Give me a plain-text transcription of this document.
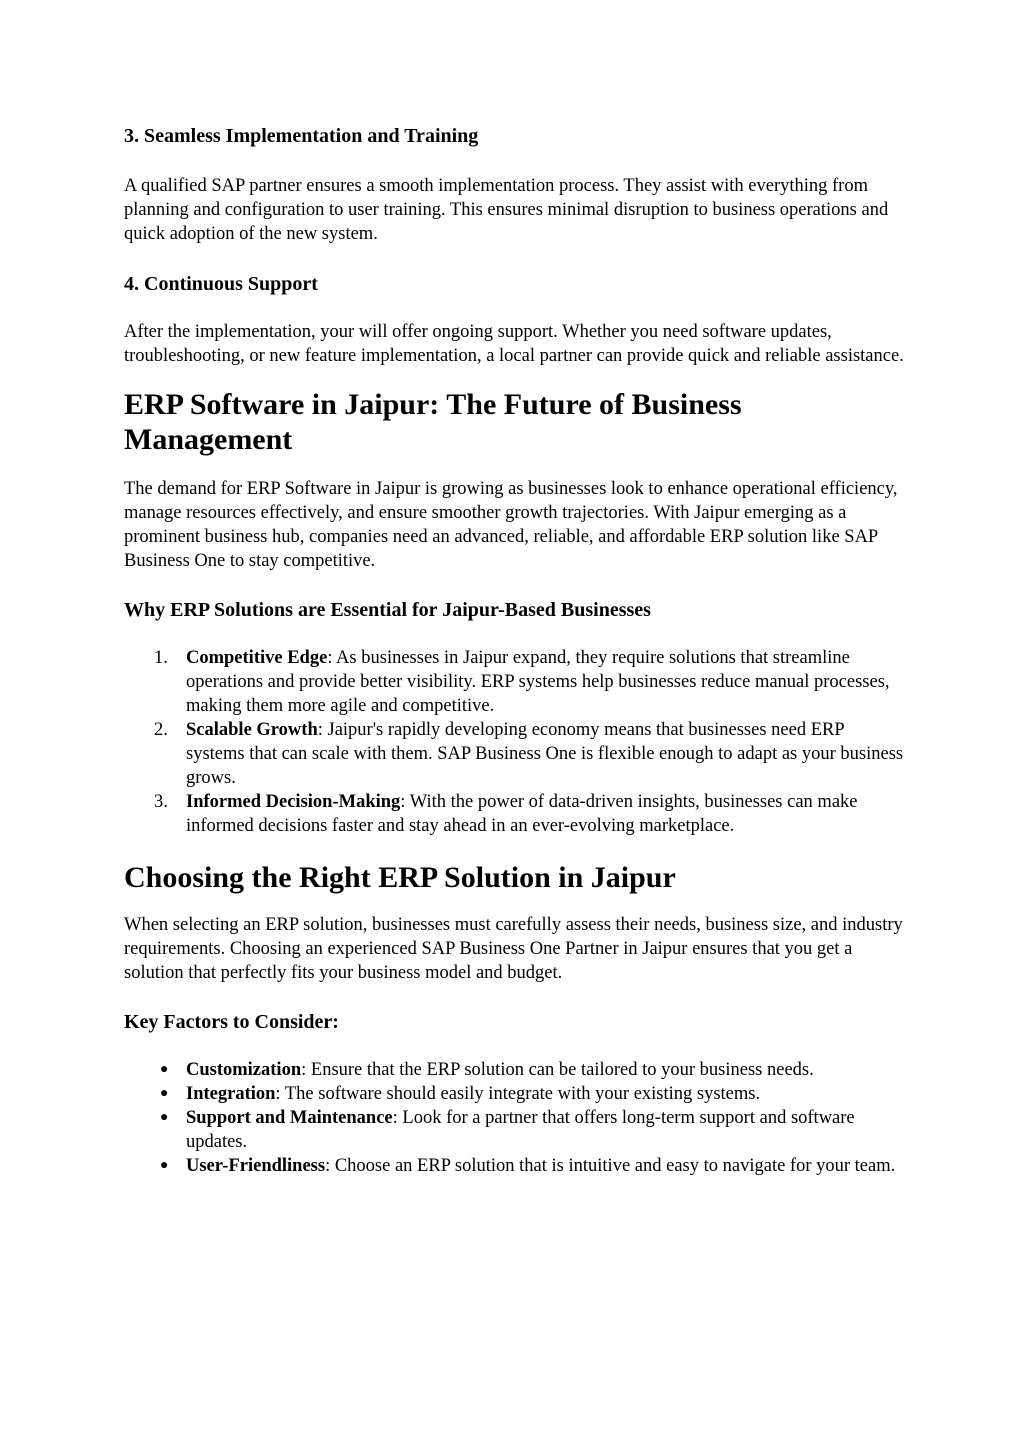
3. Seamless Implementation and Training

A qualified SAP partner ensures a smooth implementation process. They assist with everything from planning and configuration to user training. This ensures minimal disruption to business operations and quick adoption of the new system.

4. Continuous Support

After the implementation, your will offer ongoing support. Whether you need software updates, troubleshooting, or new feature implementation, a local partner can provide quick and reliable assistance.

ERP Software in Jaipur: The Future of Business Management

The demand for ERP Software in Jaipur is growing as businesses look to enhance operational efficiency, manage resources effectively, and ensure smoother growth trajectories. With Jaipur emerging as a prominent business hub, companies need an advanced, reliable, and affordable ERP solution like SAP Business One to stay competitive.

Why ERP Solutions are Essential for Jaipur-Based Businesses
1. Competitive Edge: As businesses in Jaipur expand, they require solutions that streamline operations and provide better visibility. ERP systems help businesses reduce manual processes, making them more agile and competitive.
2. Scalable Growth: Jaipur's rapidly developing economy means that businesses need ERP systems that can scale with them. SAP Business One is flexible enough to adapt as your business grows.
3. Informed Decision-Making: With the power of data-driven insights, businesses can make informed decisions faster and stay ahead in an ever-evolving marketplace.
Choosing the Right ERP Solution in Jaipur

When selecting an ERP solution, businesses must carefully assess their needs, business size, and industry requirements. Choosing an experienced SAP Business One Partner in Jaipur ensures that you get a solution that perfectly fits your business model and budget.

Key Factors to Consider:
● Customization: Ensure that the ERP solution can be tailored to your business needs.
● Integration: The software should easily integrate with your existing systems.
● Support and Maintenance: Look for a partner that offers long-term support and software updates.
● User-Friendliness: Choose an ERP solution that is intuitive and easy to navigate for your team.
